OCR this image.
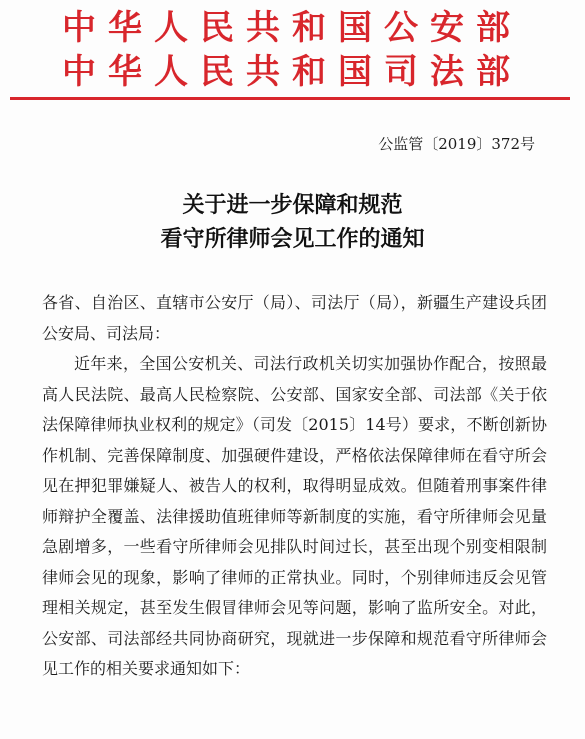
中华人民共和国公安部
中华人民共和国司法部
公监管〔2019〕372号
关于进一步保障和规范
看守所律师会见工作的通知

各省、自治区、直辖市公安厅（局）、司法厅（局），新疆生产建设兵团公安局、司法局：

近年来，全国公安机关、司法行政机关切实加强协作配合，按照最高人民法院、最高人民检察院、公安部、国家安全部、司法部《关于依法保障律师执业权利的规定》（司发〔2015〕14号）要求，不断创新协作机制、完善保障制度、加强硬件建设，严格依法保障律师在看守所会见在押犯罪嫌疑人、被告人的权利，取得明显成效。但随着刑事案件律师辩护全覆盖、法律援助值班律师等新制度的实施，看守所律师会见量急剧增多，一些看守所律师会见排队时间过长，甚至出现个别变相限制律师会见的现象，影响了律师的正常执业。同时，个别律师违反会见管理相关规定，甚至发生假冒律师会见等问题，影响了监所安全。对此，公安部、司法部经共同协商研究，现就进一步保障和规范看守所律师会见工作的相关要求通知如下：
